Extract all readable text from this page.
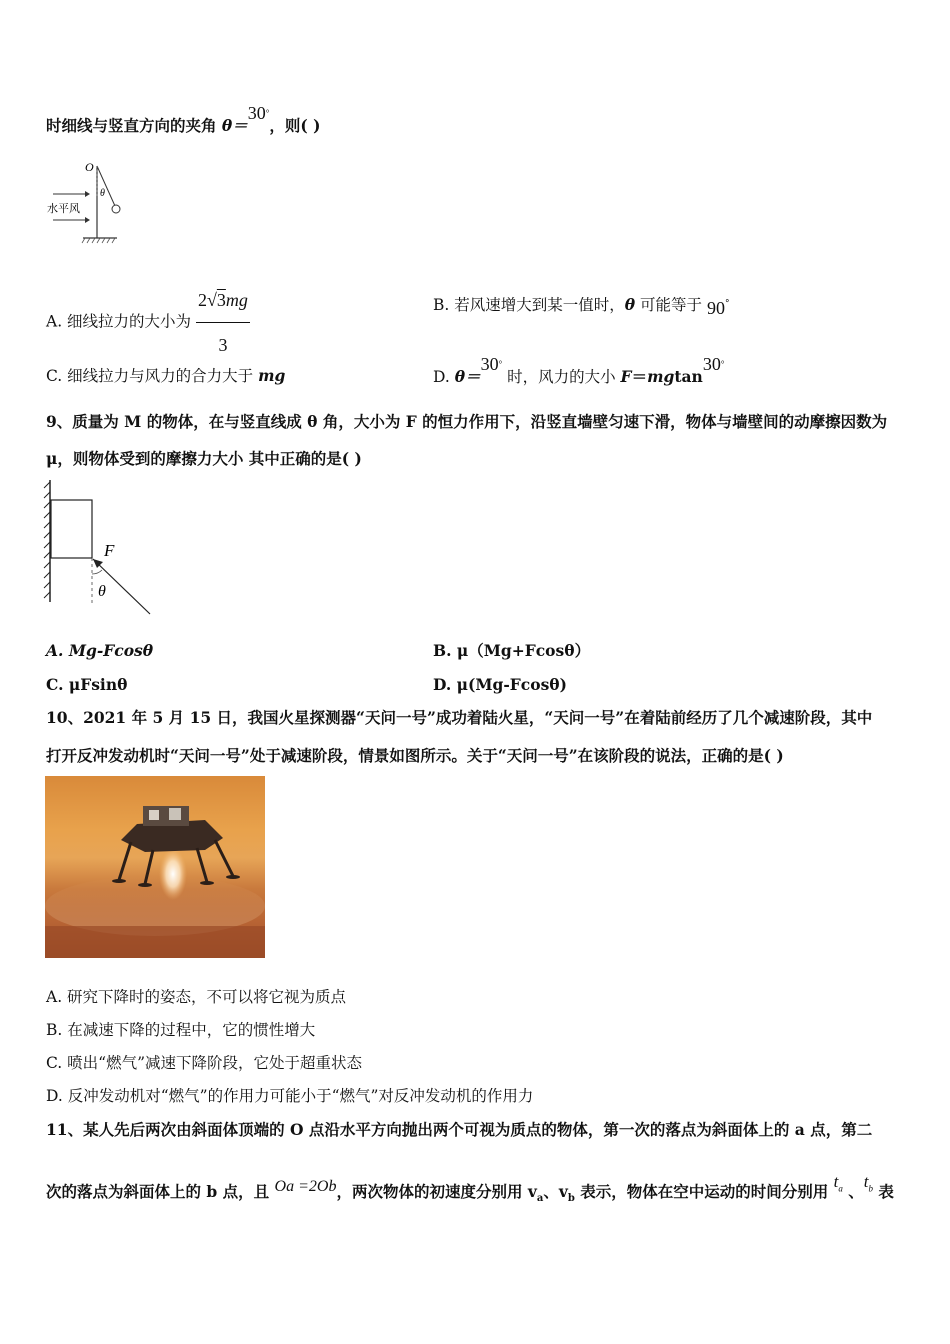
时细线与竖直方向的夹角 θ＝30°，则( )
O
θ
水平风
A. 细线拉力的大小为 $\frac{2√3mg}{3}$	B. 若风速增大到某一值时，θ 可能等于 90°
C. 细线拉力与风力的合力大于 mg	D. θ＝30° 时，风力的大小 F＝mgtan30°
9、质量为 M 的物体，在与竖直线成 θ 角，大小为 F 的恒力作用下，沿竖直墙壁匀速下滑，物体与墙壁间的动摩擦因数为
μ，则物体受到的摩擦力大小 其中正确的是( )
F
θ
A. Mg-Fcosθ	B. μ（Mg+Fcosθ）
C. μFsinθ	D. μ(Mg-Fcosθ)
10、2021 年 5 月 15 日，我国火星探测器“天问一号”成功着陆火星，“天问一号”在着陆前经历了几个减速阶段，其中
打开反冲发动机时“天问一号”处于减速阶段，情景如图所示。关于“天问一号”在该阶段的说法，正确的是( )
A. 研究下降时的姿态，不可以将它视为质点
B. 在减速下降的过程中，它的惯性增大
C. 喷出“燃气”减速下降阶段，它处于超重状态
D. 反冲发动机对“燃气”的作用力可能小于“燃气”对反冲发动机的作用力
11、某人先后两次由斜面体顶端的 O 点沿水平方向抛出两个可视为质点的物体，第一次的落点为斜面体上的 a 点，第二
次的落点为斜面体上的 b 点，且 Oa =2Ob，两次物体的初速度分别用 $v_a$、$v_b$ 表示，物体在空中运动的时间分别用 $t_a$ 、$t_b$ 表
